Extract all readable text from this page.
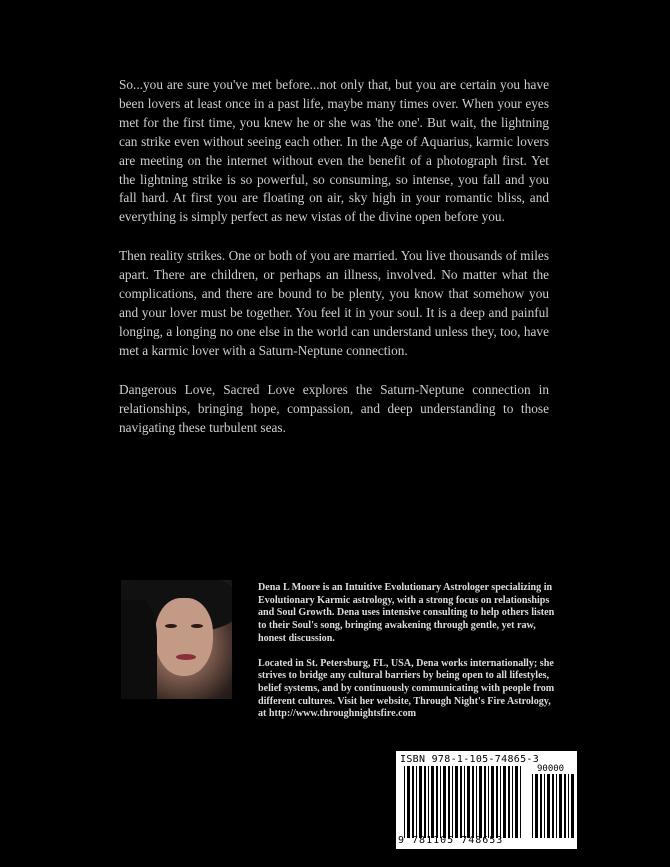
So...you are sure you've met before...not only that, but you are certain you have been lovers at least once in a past life, maybe many times over. When your eyes met for the first time, you knew he or she was 'the one'. But wait, the lightning can strike even without seeing each other. In the Age of Aquarius, karmic lovers are meeting on the internet without even the benefit of a photograph first. Yet the lightning strike is so powerful, so consuming, so intense, you fall and you fall hard. At first you are floating on air, sky high in your romantic bliss, and everything is simply perfect as new vistas of the divine open before you.

Then reality strikes. One or both of you are married. You live thousands of miles apart. There are children, or perhaps an illness, involved. No matter what the complications, and there are bound to be plenty, you know that somehow you and your lover must be together. You feel it in your soul. It is a deep and painful longing, a longing no one else in the world can understand unless they, too, have met a karmic lover with a Saturn-Neptune connection.

Dangerous Love, Sacred Love explores the Saturn-Neptune connection in relationships, bringing hope, compassion, and deep understanding to those navigating these turbulent seas.

Dena L Moore is an Intuitive Evolutionary Astrologer specializing in Evolutionary Karmic astrology, with a strong focus on relationships and Soul Growth. Dena uses intensive consulting to help others listen to their Soul's song, bringing awakening through gentle, yet raw, honest discussion.

Located in St. Petersburg, FL, USA, Dena works internationally; she strives to bridge any cultural barriers by being open to all lifestyles, belief systems, and by continuously communicating with people from different cultures. Visit her website, Through Night's Fire Astrology, at http://www.throughnightsfire.com

ISBN 978-1-105-74865-3
90000
9 781105 748653
